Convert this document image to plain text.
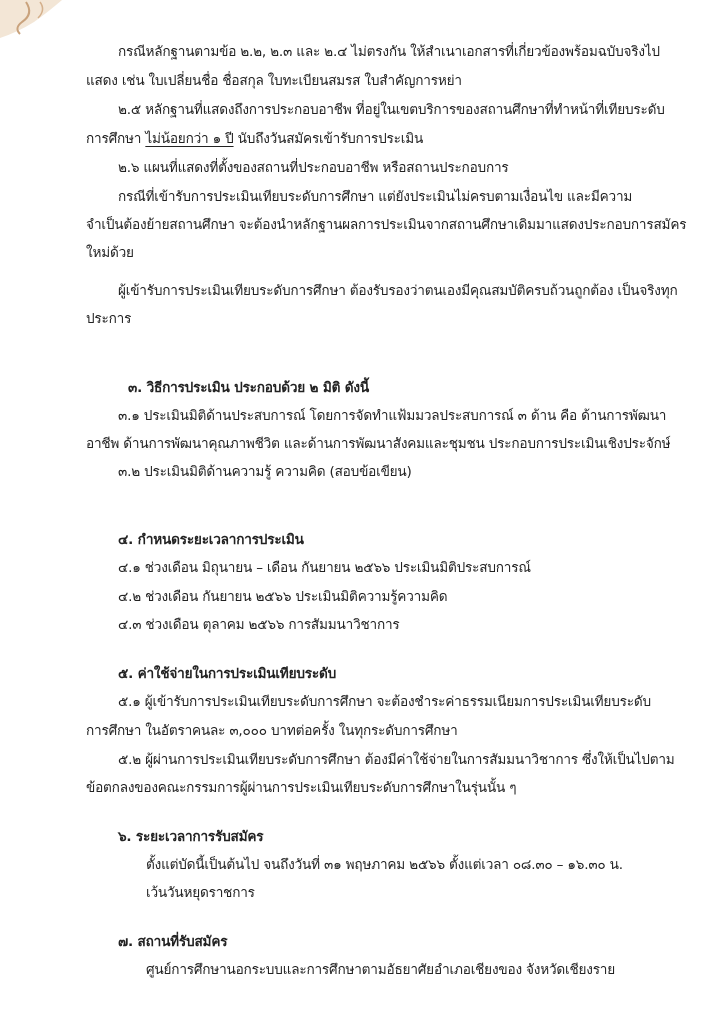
กรณีหลักฐานตามข้อ ๒.๒, ๒.๓ และ ๒.๔ ไม่ตรงกัน ให้สำเนาเอกสารที่เกี่ยวข้องพร้อมฉบับจริงไป
แสดง เช่น ใบเปลี่ยนชื่อ ชื่อสกุล ใบทะเบียนสมรส ใบสำคัญการหย่า
๒.๕ หลักฐานที่แสดงถึงการประกอบอาชีพ ที่อยู่ในเขตบริการของสถานศึกษาที่ทำหน้าที่เทียบระดับ
การศึกษา ไม่น้อยกว่า ๑ ปี นับถึงวันสมัครเข้ารับการประเมิน
๒.๖ แผนที่แสดงที่ตั้งของสถานที่ประกอบอาชีพ หรือสถานประกอบการ
กรณีที่เข้ารับการประเมินเทียบระดับการศึกษา แต่ยังประเมินไม่ครบตามเงื่อนไข และมีความ
จำเป็นต้องย้ายสถานศึกษา จะต้องนำหลักฐานผลการประเมินจากสถานศึกษาเดิมมาแสดงประกอบการสมัคร
ใหม่ด้วย
ผู้เข้ารับการประเมินเทียบระดับการศึกษา ต้องรับรองว่าตนเองมีคุณสมบัติครบถ้วนถูกต้อง เป็นจริงทุก
ประการ
๓. วิธีการประเมิน ประกอบด้วย ๒ มิติ ดังนี้
๓.๑ ประเมินมิติด้านประสบการณ์ โดยการจัดทำแฟ้มมวลประสบการณ์ ๓ ด้าน คือ ด้านการพัฒนา
อาชีพ ด้านการพัฒนาคุณภาพชีวิต และด้านการพัฒนาสังคมและชุมชน ประกอบการประเมินเชิงประจักษ์
๓.๒ ประเมินมิติด้านความรู้ ความคิด (สอบข้อเขียน)
๔. กำหนดระยะเวลาการประเมิน
๔.๑ ช่วงเดือน มิถุนายน – เดือน กันยายน ๒๕๖๖ ประเมินมิติประสบการณ์
๔.๒ ช่วงเดือน กันยายน ๒๕๖๖ ประเมินมิติความรู้ความคิด
๔.๓ ช่วงเดือน ตุลาคม ๒๕๖๖ การสัมมนาวิชาการ
๕. ค่าใช้จ่ายในการประเมินเทียบระดับ
๕.๑ ผู้เข้ารับการประเมินเทียบระดับการศึกษา จะต้องชำระค่าธรรมเนียมการประเมินเทียบระดับ
การศึกษา ในอัตราคนละ ๓,๐๐๐ บาทต่อครั้ง ในทุกระดับการศึกษา
๕.๒ ผู้ผ่านการประเมินเทียบระดับการศึกษา ต้องมีค่าใช้จ่ายในการสัมมนาวิชาการ ซึ่งให้เป็นไปตาม
ข้อตกลงของคณะกรรมการผู้ผ่านการประเมินเทียบระดับการศึกษาในรุ่นนั้น ๆ
๖. ระยะเวลาการรับสมัคร
ตั้งแต่บัดนี้เป็นต้นไป จนถึงวันที่ ๓๑ พฤษภาคม ๒๕๖๖ ตั้งแต่เวลา ๐๘.๓๐ – ๑๖.๓๐ น.
เว้นวันหยุดราชการ
๗. สถานที่รับสมัคร
ศูนย์การศึกษานอกระบบและการศึกษาตามอัธยาศัยอำเภอเชียงของ จังหวัดเชียงราย
